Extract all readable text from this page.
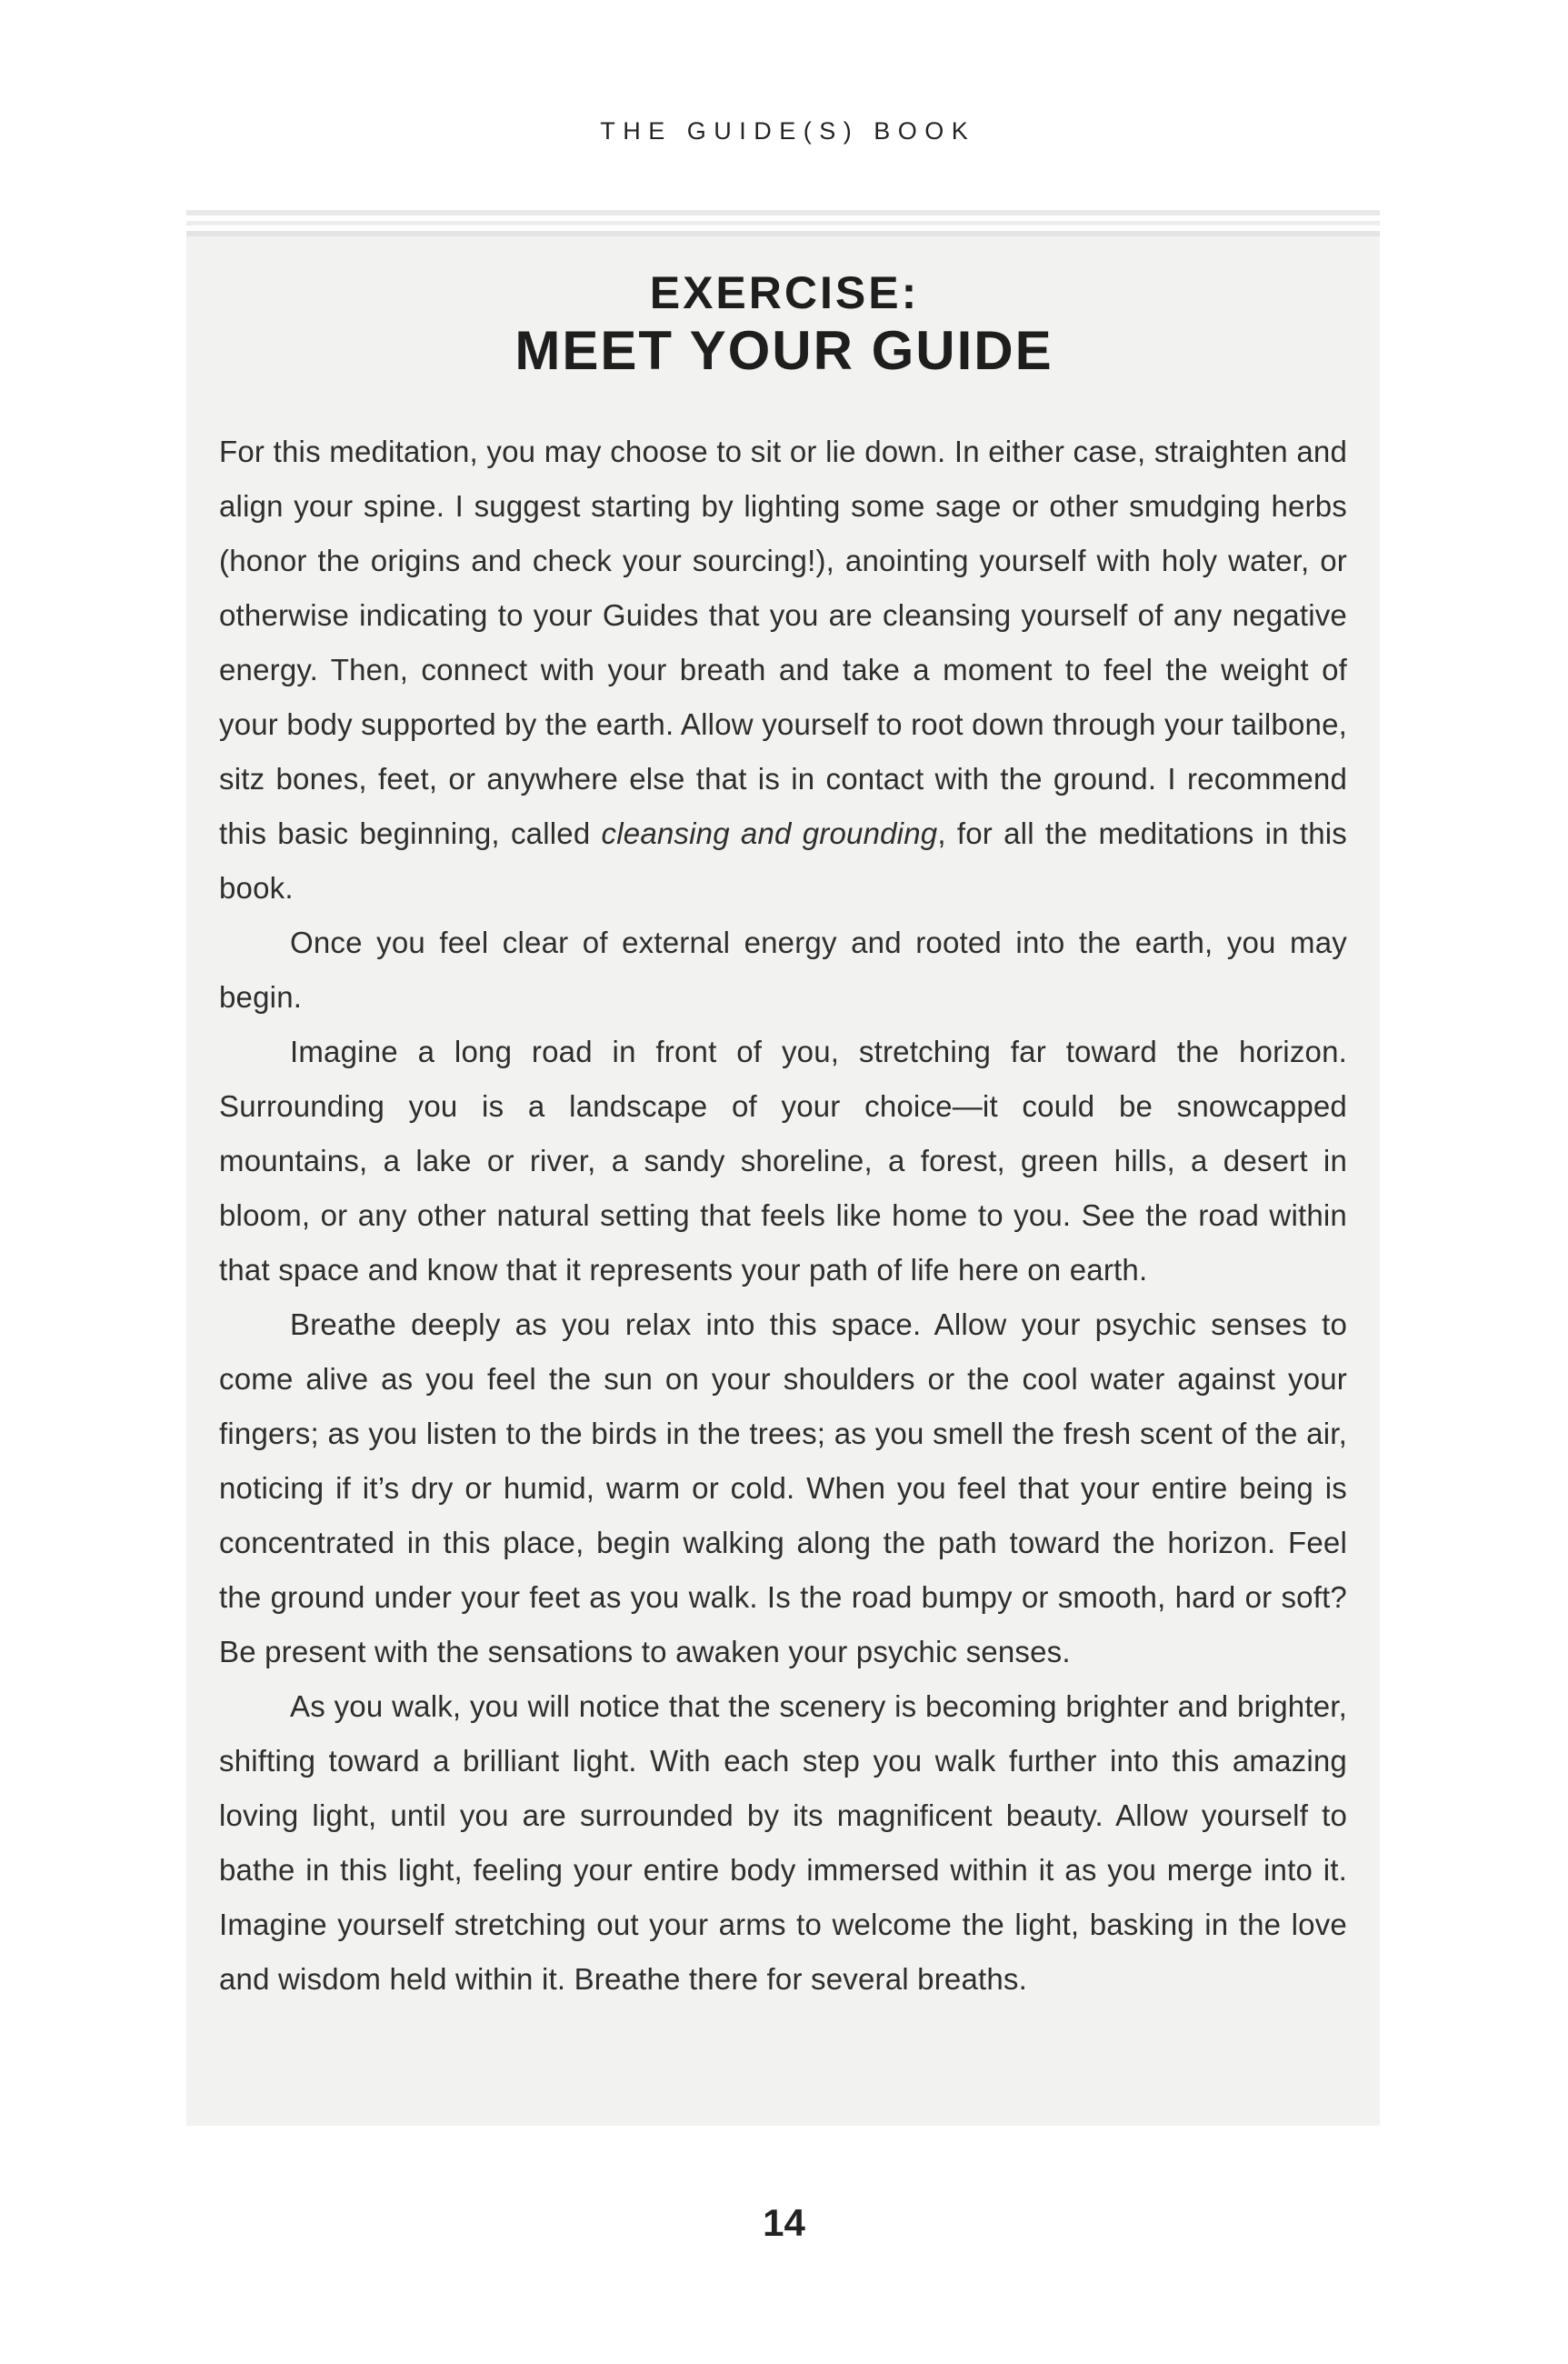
THE GUIDE(S) BOOK
EXERCISE:
MEET YOUR GUIDE

For this meditation, you may choose to sit or lie down. In either case, straighten and align your spine. I suggest starting by lighting some sage or other smudging herbs (honor the origins and check your sourcing!), anointing yourself with holy water, or otherwise indicating to your Guides that you are cleansing yourself of any negative energy. Then, connect with your breath and take a moment to feel the weight of your body supported by the earth. Allow yourself to root down through your tailbone, sitz bones, feet, or anywhere else that is in contact with the ground. I recommend this basic beginning, called cleansing and grounding, for all the meditations in this book.

Once you feel clear of external energy and rooted into the earth, you may begin.

Imagine a long road in front of you, stretching far toward the horizon. Surrounding you is a landscape of your choice—it could be snowcapped mountains, a lake or river, a sandy shoreline, a forest, green hills, a desert in bloom, or any other natural setting that feels like home to you. See the road within that space and know that it represents your path of life here on earth.

Breathe deeply as you relax into this space. Allow your psychic senses to come alive as you feel the sun on your shoulders or the cool water against your fingers; as you listen to the birds in the trees; as you smell the fresh scent of the air, noticing if it’s dry or humid, warm or cold. When you feel that your entire being is concentrated in this place, begin walking along the path toward the horizon. Feel the ground under your feet as you walk. Is the road bumpy or smooth, hard or soft? Be present with the sensations to awaken your psychic senses.

As you walk, you will notice that the scenery is becoming brighter and brighter, shifting toward a brilliant light. With each step you walk further into this amazing loving light, until you are surrounded by its magnificent beauty. Allow yourself to bathe in this light, feeling your entire body immersed within it as you merge into it. Imagine yourself stretching out your arms to welcome the light, basking in the love and wisdom held within it. Breathe there for several breaths.

14
